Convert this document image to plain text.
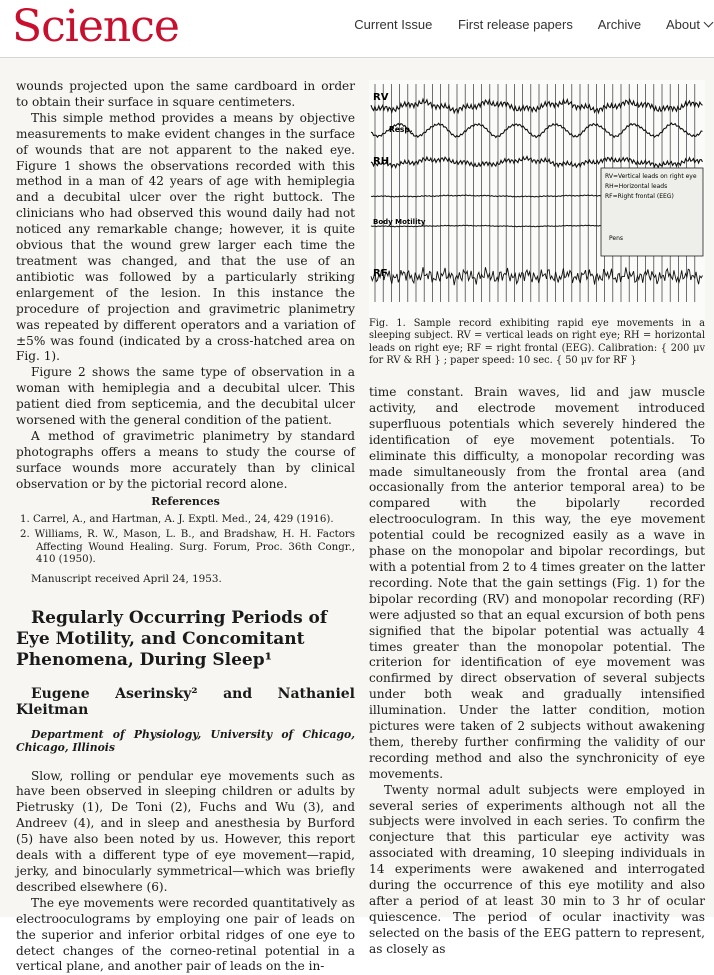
Science	Current Issue First release papers Archive About

wounds projected upon the same cardboard in order to obtain their surface in square centimeters.

This simple method provides a means by objective measurements to make evident changes in the surface of wounds that are not apparent to the naked eye. Figure 1 shows the observations recorded with this method in a man of 42 years of age with hemiplegia and a decubital ulcer over the right buttock. The clinicians who had observed this wound daily had not noticed any remarkable change; however, it is quite obvious that the wound grew larger each time the treatment was changed, and that the use of an antibiotic was followed by a particularly striking enlargement of the lesion. In this instance the procedure of projection and gravimetric planimetry was repeated by different operators and a variation of ±5% was found (indicated by a cross-hatched area on Fig. 1).

Figure 2 shows the same type of observation in a woman with hemiplegia and a decubital ulcer. This patient died from septicemia, and the decubital ulcer worsened with the general condition of the patient.

A method of gravimetric planimetry by standard photographs offers a means to study the course of surface wounds more accurately than by clinical observation or by the pictorial record alone.

References

1. Carrel, A., and Hartman, A. J. Exptl. Med., 24, 429 (1916).

2. Williams, R. W., Mason, L. B., and Bradshaw, H. H. Factors Affecting Wound Healing. Surg. Forum, Proc. 36th Congr., 410 (1950).

Manuscript received April 24, 1953.

Regularly Occurring Periods of Eye Motility, and Concomitant Phenomena, During Sleep¹

Eugene Aserinsky² and Nathaniel Kleitman

Department of Physiology, University of Chicago, Chicago, Illinois

Slow, rolling or pendular eye movements such as have been observed in sleeping children or adults by Pietrusky (1), De Toni (2), Fuchs and Wu (3), and Andreev (4), and in sleep and anesthesia by Burford (5) have also been noted by us. However, this report deals with a different type of eye movement—rapid, jerky, and binocularly symmetrical—which was briefly described elsewhere (6).

The eye movements were recorded quantitatively as electrooculograms by employing one pair of leads on the superior and inferior orbital ridges of one eye to detect changes of the corneo-retinal potential in a vertical plane, and another pair of leads on the in-

RV
Resp.
RH
Body Motility
RF
RV=Vertical leads on right eye
RH=Horizontal leads
RF=Right frontal (EEG)
Pens
Fig. 1. Sample record exhibiting rapid eye movements in a sleeping subject. RV = vertical leads on right eye; RH = horizontal leads on right eye; RF = right frontal (EEG). Calibration: { 200 μv for RV & RH } ; paper speed: 10 sec. { 50 μv for RF }

time constant. Brain waves, lid and jaw muscle activity, and electrode movement introduced superfluous potentials which severely hindered the identification of eye movement potentials. To eliminate this difficulty, a monopolar recording was made simultaneously from the frontal area (and occasionally from the anterior temporal area) to be compared with the bipolarly recorded electrooculogram. In this way, the eye movement potential could be recognized easily as a wave in phase on the monopolar and bipolar recordings, but with a potential from 2 to 4 times greater on the latter recording. Note that the gain settings (Fig. 1) for the bipolar recording (RV) and monopolar recording (RF) were adjusted so that an equal excursion of both pens signified that the bipolar potential was actually 4 times greater than the monopolar potential. The criterion for identification of eye movement was confirmed by direct observation of several subjects under both weak and gradually intensified illumination. Under the latter condition, motion pictures were taken of 2 subjects without awakening them, thereby further confirming the validity of our recording method and also the synchronicity of eye movements.

Twenty normal adult subjects were employed in several series of experiments although not all the subjects were involved in each series. To confirm the conjecture that this particular eye activity was associated with dreaming, 10 sleeping individuals in 14 experiments were awakened and interrogated during the occurrence of this eye motility and also after a period of at least 30 min to 3 hr of ocular quiescence. The period of ocular inactivity was selected on the basis of the EEG pattern to represent, as closely as
